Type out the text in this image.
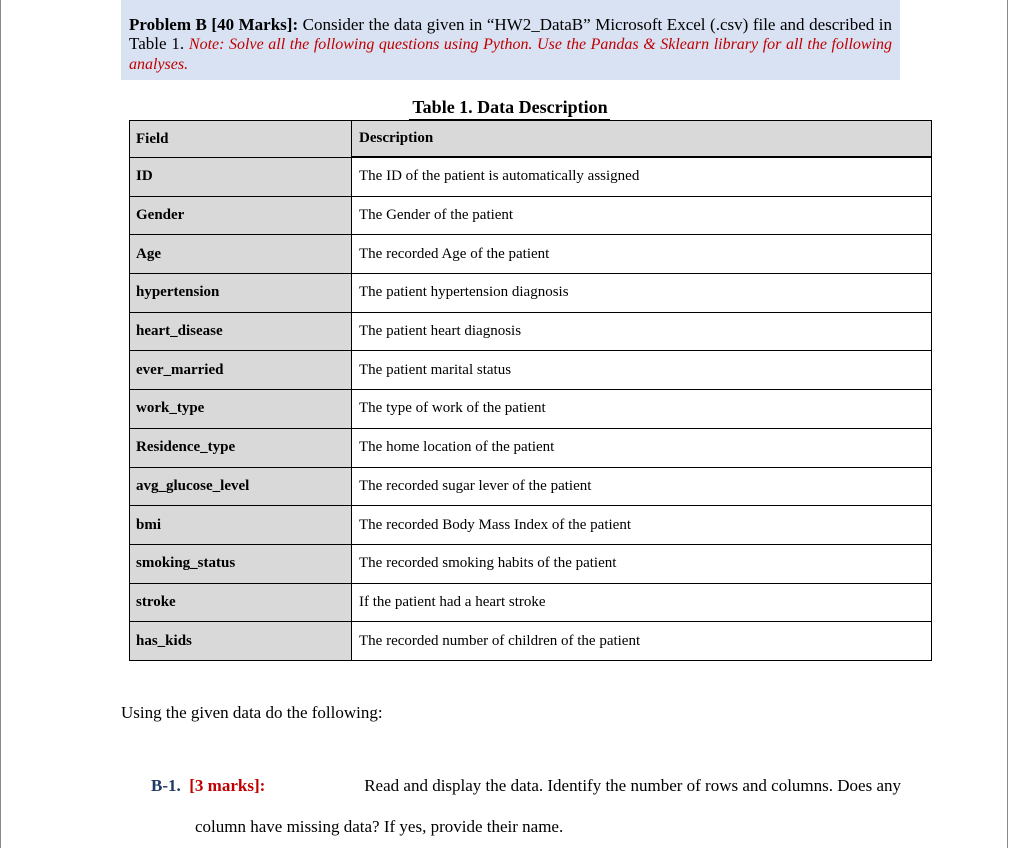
Problem B [40 Marks]: Consider the data given in “HW2_DataB” Microsoft Excel (.csv) file and described in Table 1. Note: Solve all the following questions using Python. Use the Pandas & Sklearn library for all the following analyses.
Table 1. Data Description
Field	Description
ID	The ID of the patient is automatically assigned
Gender	The Gender of the patient
Age	The recorded Age of the patient
hypertension	The patient hypertension diagnosis
heart_disease	The patient heart diagnosis
ever_married	The patient marital status
work_type	The type of work of the patient
Residence_type	The home location of the patient
avg_glucose_level	The recorded sugar lever of the patient
bmi	The recorded Body Mass Index of the patient
smoking_status	The recorded smoking habits of the patient
stroke	If the patient had a heart stroke
has_kids	The recorded number of children of the patient
Using the given data do the following:
B-1. [3 marks]:	Read and display the data. Identify the number of rows and columns. Does any
column have missing data? If yes, provide their name.
